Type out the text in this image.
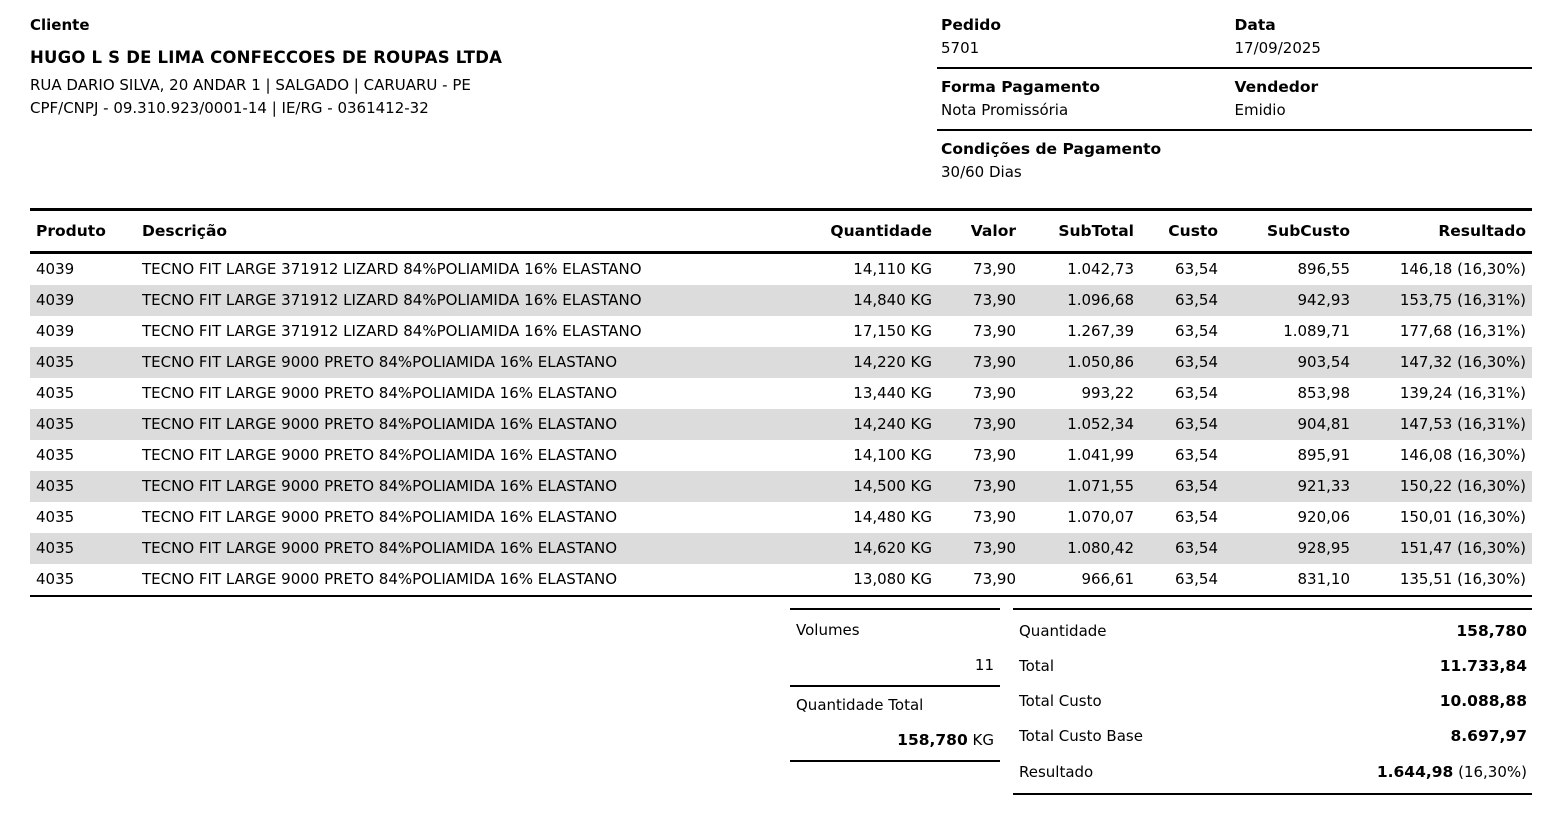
Cliente
HUGO L S DE LIMA CONFECCOES DE ROUPAS LTDA
RUA DARIO SILVA, 20 ANDAR 1 | SALGADO | CARUARU - PE
CPF/CNPJ - 09.310.923/0001-14 | IE/RG - 0361412-32
Pedido
5701
Data
17/09/2025
Forma Pagamento
Nota Promissória
Vendedor
Emidio
Condições de Pagamento
30/60 Dias
Produto	Descrição	Quantidade	Valor	SubTotal	Custo	SubCusto	Resultado
4039	TECNO FIT LARGE 371912 LIZARD 84%POLIAMIDA 16% ELASTANO	14,110 KG	73,90	1.042,73	63,54	896,55	146,18 (16,30%)
4039	TECNO FIT LARGE 371912 LIZARD 84%POLIAMIDA 16% ELASTANO	14,840 KG	73,90	1.096,68	63,54	942,93	153,75 (16,31%)
4039	TECNO FIT LARGE 371912 LIZARD 84%POLIAMIDA 16% ELASTANO	17,150 KG	73,90	1.267,39	63,54	1.089,71	177,68 (16,31%)
4035	TECNO FIT LARGE 9000 PRETO 84%POLIAMIDA 16% ELASTANO	14,220 KG	73,90	1.050,86	63,54	903,54	147,32 (16,30%)
4035	TECNO FIT LARGE 9000 PRETO 84%POLIAMIDA 16% ELASTANO	13,440 KG	73,90	993,22	63,54	853,98	139,24 (16,31%)
4035	TECNO FIT LARGE 9000 PRETO 84%POLIAMIDA 16% ELASTANO	14,240 KG	73,90	1.052,34	63,54	904,81	147,53 (16,31%)
4035	TECNO FIT LARGE 9000 PRETO 84%POLIAMIDA 16% ELASTANO	14,100 KG	73,90	1.041,99	63,54	895,91	146,08 (16,30%)
4035	TECNO FIT LARGE 9000 PRETO 84%POLIAMIDA 16% ELASTANO	14,500 KG	73,90	1.071,55	63,54	921,33	150,22 (16,30%)
4035	TECNO FIT LARGE 9000 PRETO 84%POLIAMIDA 16% ELASTANO	14,480 KG	73,90	1.070,07	63,54	920,06	150,01 (16,30%)
4035	TECNO FIT LARGE 9000 PRETO 84%POLIAMIDA 16% ELASTANO	14,620 KG	73,90	1.080,42	63,54	928,95	151,47 (16,30%)
4035	TECNO FIT LARGE 9000 PRETO 84%POLIAMIDA 16% ELASTANO	13,080 KG	73,90	966,61	63,54	831,10	135,51 (16,30%)
Volumes
11
Quantidade Total
158,780 KG
Quantidade	158,780
Total	11.733,84
Total Custo	10.088,88
Total Custo Base	8.697,97
Resultado	1.644,98 (16,30%)
